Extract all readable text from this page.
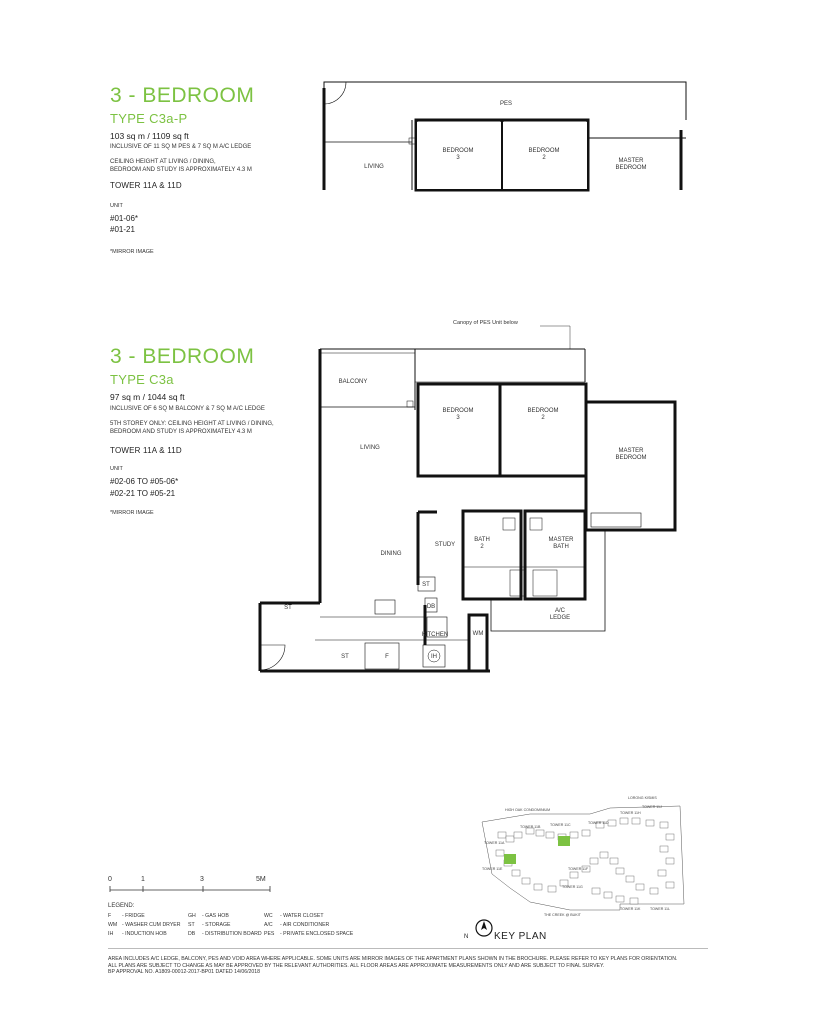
3 - BEDROOM
TYPE C3a-P
103 sq m / 1109 sq ft
INCLUSIVE OF 11 SQ M PES & 7 SQ M A/C LEDGE
CEILING HEIGHT AT LIVING / DINING,
BEDROOM AND STUDY IS APPROXIMATELY 4.3 M
TOWER 11A & 11D
UNIT
#01-06*
#01-21
*MIRROR IMAGE
PES
LIVING
BEDROOM
3
BEDROOM
2	MASTER
BEDROOM
3 - BEDROOM
TYPE C3a
97 sq m / 1044 sq ft
INCLUSIVE OF 6 SQ M BALCONY & 7 SQ M A/C LEDGE
5TH STOREY ONLY: CEILING HEIGHT AT LIVING / DINING,
BEDROOM AND STUDY IS APPROXIMATELY 4.3 M
TOWER 11A & 11D
UNIT
#02-06 TO #05-06*
#02-21 TO #05-21
*MIRROR IMAGE
Canopy of PES Unit below
BALCONY
LIVING
BEDROOM
3
BEDROOM
2
MASTER
BEDROOM
DINING
STUDY
BATH
2
MASTER
BATH
ST
DB
ST
WM
KITCHEN
A/C
LEDGE
ST	F	IH
0	1	3	5M
LEGEND:
F	- FRIDGE	GH	- GAS HOB	WC	- WATER CLOSET
WM - WASHER CUM DRYER	ST	- STORAGE	A/C	- AIR CONDITIONER
IH	- INDUCTION HOB	DB	- DISTRIBUTION BOARD PES	- PRIVATE ENCLOSED SPACE
LORONG KISMIS
HIGH OAK CONDOMINIUM
TOWER 11B	TOWER 11C	TOWER 11D
TOWER 11A
TOWER 11E	TOWER 11F
TOWER 11G
TOWER 11H
TOWER 11J
TOWER 11K	TOWER 11L
THE CREEK @ BUKIT
N	KEY PLAN
AREA INCLUDES A/C LEDGE, BALCONY, PES AND VOID AREA WHERE APPLICABLE. SOME UNITS ARE MIRROR IMAGES OF THE APARTMENT PLANS SHOWN IN THE BROCHURE. PLEASE REFER TO KEY PLANS FOR ORIENTATION.
ALL PLANS ARE SUBJECT TO CHANGE AS MAY BE APPROVED BY THE RELEVANT AUTHORITIES. ALL FLOOR AREAS ARE APPROXIMATE MEASUREMENTS ONLY AND ARE SUBJECT TO FINAL SURVEY.
BP APPROVAL NO. A1809-00012-2017-BP01 DATED 14/06/2018
